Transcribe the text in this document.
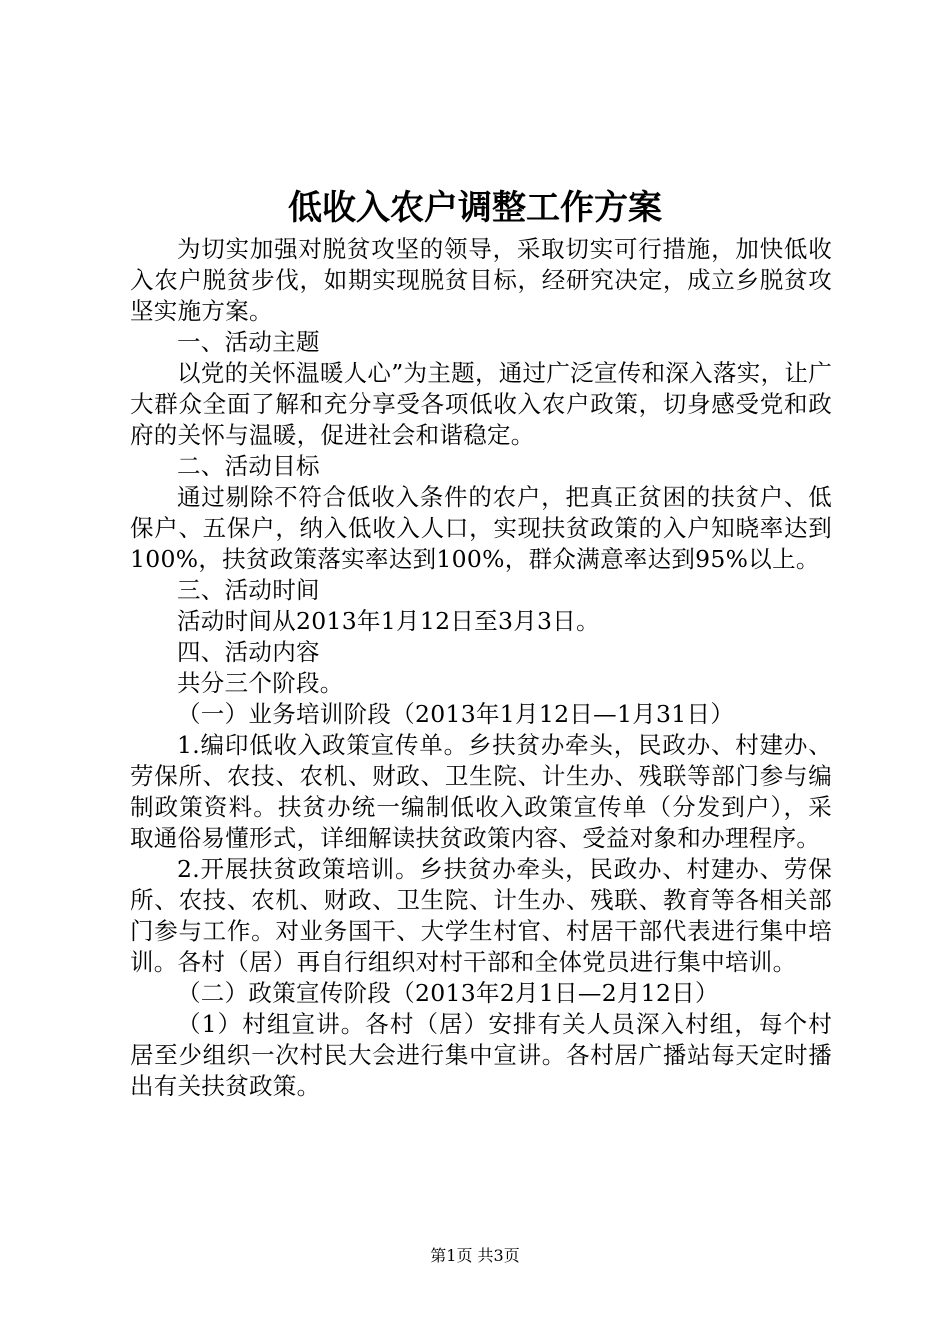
低收入农户调整工作方案

为切实加强对脱贫攻坚的领导，采取切实可行措施，加快低收入农户脱贫步伐，如期实现脱贫目标，经研究决定，成立乡脱贫攻坚实施方案。

一、活动主题

以党的关怀温暖人心”为主题，通过广泛宣传和深入落实，让广大群众全面了解和充分享受各项低收入农户政策，切身感受党和政府的关怀与温暖，促进社会和谐稳定。

二、活动目标

通过剔除不符合低收入条件的农户，把真正贫困的扶贫户、低保户、五保户，纳入低收入人口，实现扶贫政策的入户知晓率达到100%，扶贫政策落实率达到100%，群众满意率达到95%以上。

三、活动时间

活动时间从2013年1月12日至3月3日。

四、活动内容

共分三个阶段。

（一）业务培训阶段（2013年1月12日—1月31日）

1.编印低收入政策宣传单。乡扶贫办牵头，民政办、村建办、劳保所、农技、农机、财政、卫生院、计生办、残联等部门参与编制政策资料。扶贫办统一编制低收入政策宣传单（分发到户），采取通俗易懂形式，详细解读扶贫政策内容、受益对象和办理程序。

2.开展扶贫政策培训。乡扶贫办牵头，民政办、村建办、劳保所、农技、农机、财政、卫生院、计生办、残联、教育等各相关部门参与工作。对业务国干、大学生村官、村居干部代表进行集中培训。各村（居）再自行组织对村干部和全体党员进行集中培训。

（二）政策宣传阶段（2013年2月1日—2月12日）

（1）村组宣讲。各村（居）安排有关人员深入村组，每个村居至少组织一次村民大会进行集中宣讲。各村居广播站每天定时播出有关扶贫政策。

第1页 共3页
